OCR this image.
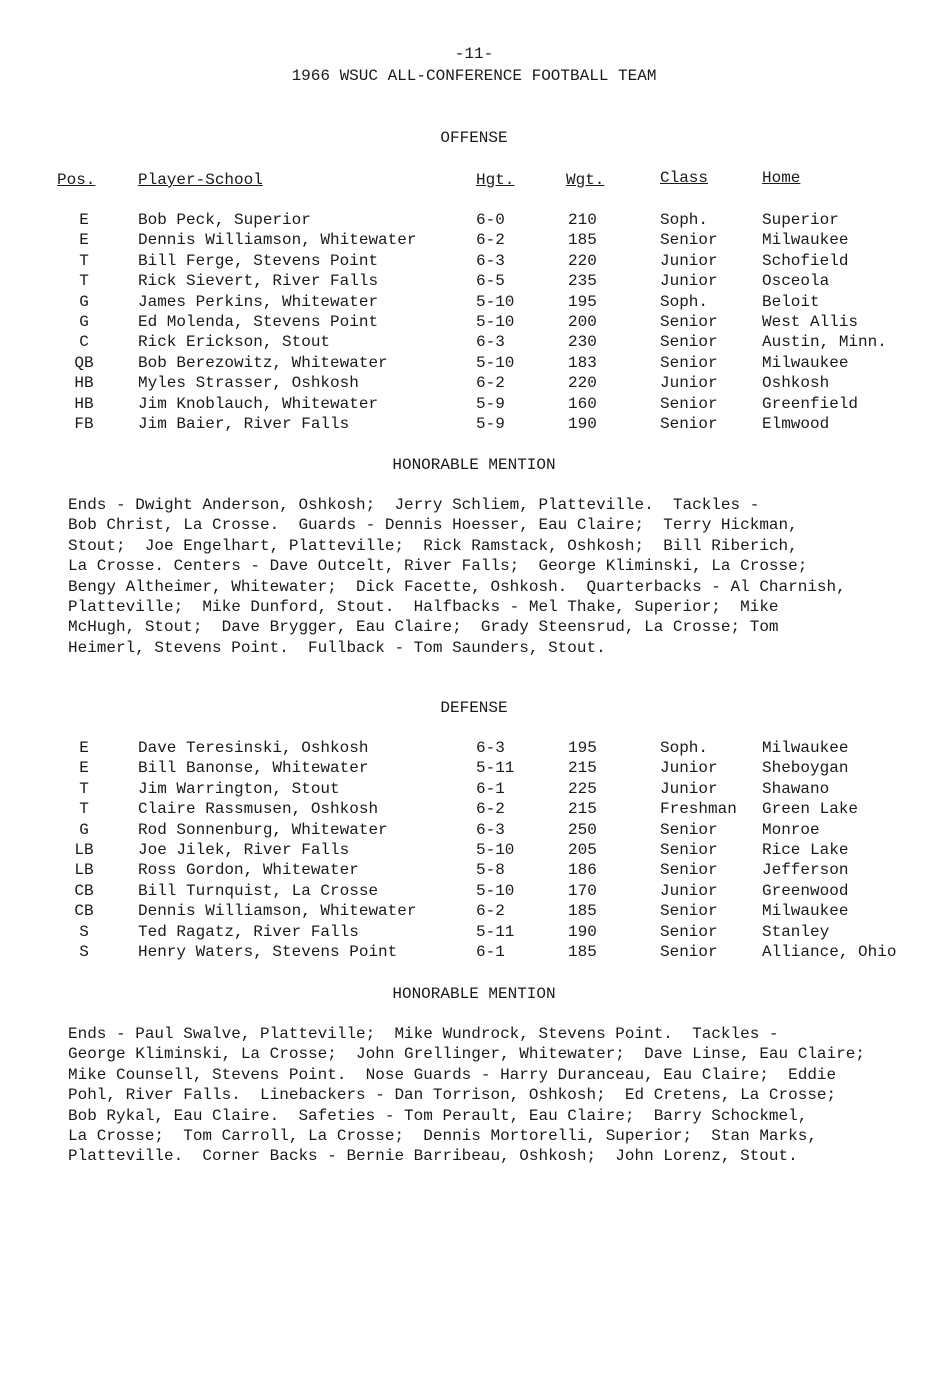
-11-
1966 WSUC ALL-CONFERENCE FOOTBALL TEAM
OFFENSE
Pos.	Player-School	Hgt.	Wgt.	Class	Home
E	Bob Peck, Superior	6-0	210	Soph.	Superior
E	Dennis Williamson, Whitewater	6-2	185	Senior	Milwaukee
T	Bill Ferge, Stevens Point	6-3	220	Junior	Schofield
T	Rick Sievert, River Falls	6-5	235	Junior	Osceola
G	James Perkins, Whitewater	5-10	195	Soph.	Beloit
G	Ed Molenda, Stevens Point	5-10	200	Senior	West Allis
C	Rick Erickson, Stout	6-3	230	Senior	Austin, Minn.
QB	Bob Berezowitz, Whitewater	5-10	183	Senior	Milwaukee
HB	Myles Strasser, Oshkosh	6-2	220	Junior	Oshkosh
HB	Jim Knoblauch, Whitewater	5-9	160	Senior	Greenfield
FB	Jim Baier, River Falls	5-9	190	Senior	Elmwood
HONORABLE MENTION
Ends - Dwight Anderson, Oshkosh;  Jerry Schliem, Platteville.  Tackles -
Bob Christ, La Crosse.  Guards - Dennis Hoesser, Eau Claire;  Terry Hickman,
Stout;  Joe Engelhart, Platteville;  Rick Ramstack, Oshkosh;  Bill Riberich,
La Crosse. Centers - Dave Outcelt, River Falls;  George Kliminski, La Crosse;
Bengy Altheimer, Whitewater;  Dick Facette, Oshkosh.  Quarterbacks - Al Charnish,
Platteville;  Mike Dunford, Stout.  Halfbacks - Mel Thake, Superior;  Mike
McHugh, Stout;  Dave Brygger, Eau Claire;  Grady Steensrud, La Crosse; Tom
Heimerl, Stevens Point.  Fullback - Tom Saunders, Stout.
DEFENSE
E	Dave Teresinski, Oshkosh	6-3	195	Soph.	Milwaukee
E	Bill Banonse, Whitewater	5-11	215	Junior	Sheboygan
T	Jim Warrington, Stout	6-1	225	Junior	Shawano
T	Claire Rassmusen, Oshkosh	6-2	215	Freshman Green Lake
G	Rod Sonnenburg, Whitewater	6-3	250	Senior	Monroe
LB	Joe Jilek, River Falls	5-10	205	Senior	Rice Lake
LB	Ross Gordon, Whitewater	5-8	186	Senior	Jefferson
CB	Bill Turnquist, La Crosse	5-10	170	Junior	Greenwood
CB	Dennis Williamson, Whitewater	6-2	185	Senior	Milwaukee
S	Ted Ragatz, River Falls	5-11	190	Senior	Stanley
S	Henry Waters, Stevens Point	6-1	185	Senior	Alliance, Ohio
HONORABLE MENTION
Ends - Paul Swalve, Platteville;  Mike Wundrock, Stevens Point.  Tackles -
George Kliminski, La Crosse;  John Grellinger, Whitewater;  Dave Linse, Eau Claire;
Mike Counsell, Stevens Point.  Nose Guards - Harry Duranceau, Eau Claire;  Eddie
Pohl, River Falls.  Linebackers - Dan Torrison, Oshkosh;  Ed Cretens, La Crosse;
Bob Rykal, Eau Claire.  Safeties - Tom Perault, Eau Claire;  Barry Schockmel,
La Crosse;  Tom Carroll, La Crosse;  Dennis Mortorelli, Superior;  Stan Marks,
Platteville.  Corner Backs - Bernie Barribeau, Oshkosh;  John Lorenz, Stout.
